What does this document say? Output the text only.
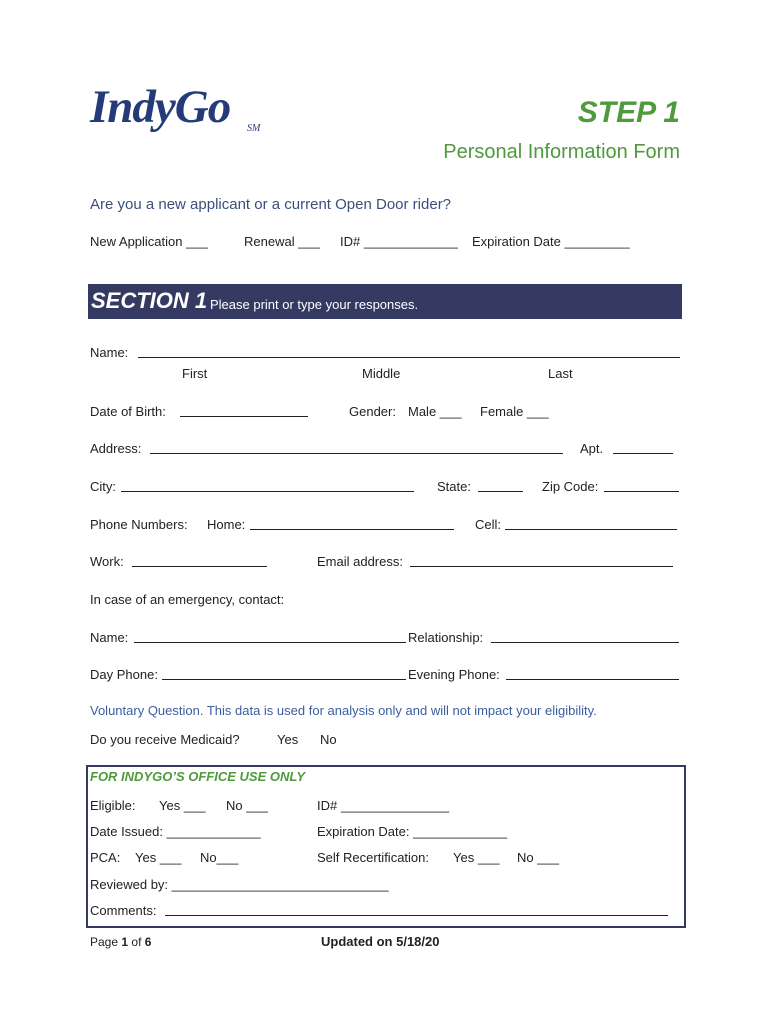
IndyGo SM	STEP 1
Personal Information Form
Are you a new applicant or a current Open Door rider?
New Application ___	Renewal ___ ID# _____________ Expiration Date _________
SECTION 1 Please print or type your responses.
Name:
First	Middle	Last
Date of Birth:	Gender: Male ___ Female ___
Address:	Apt.
City:	State:	Zip Code:
Phone Numbers: Home:	Cell:
Work:	Email address:
In case of an emergency, contact:
Name:	Relationship:
Day Phone:	Evening Phone:
Voluntary Question. This data is used for analysis only and will not impact your eligibility.
Do you receive Medicaid?	Yes No
FOR INDYGO’S OFFICE USE ONLY
Eligible: Yes ___ No ___	ID# _______________
Date Issued: _____________	Expiration Date: _____________
PCA: Yes ___ No___	Self Recertification: Yes ___ No ___
Reviewed by: ______________________________
Comments:
Page 1 of 6	Updated on 5/18/20
